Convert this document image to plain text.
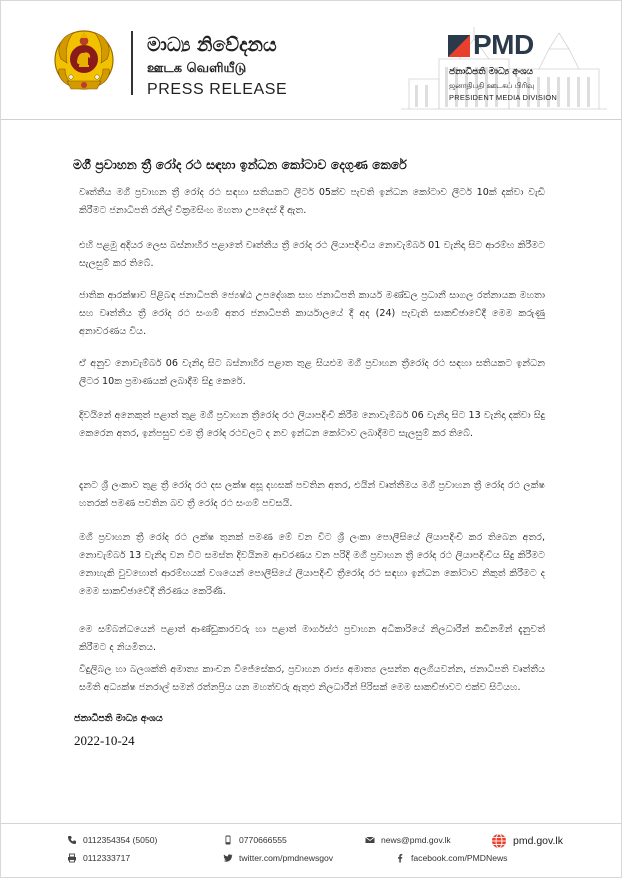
මාධ්‍ය නිවේදනය
ஊடக வெளியீடு
PRESS RELEASE
PMD
ජනාධිපති මාධ්‍ය අංශය
ஜனாதிபதி ஊடகப் பிரிவு
PRESIDENT MEDIA DIVISION
මගී ප්‍රවාහන ත්‍රී රෝද රථ සඳහා ඉන්ධන කෝටාව දෙගුණ කෙරේ

වෘත්තීය මගී ප්‍රවාහන ත්‍රී රෝද රථ සඳහා සතියකට ලීටර් 05ක්ව පැවති ඉන්ධන කෝටාව ලීටර් 10ක් දක්වා වැඩි කිරීමට ජනාධිපති රනිල් වික්‍රමසිංහ මහතා උපදෙස් දී ඇත.

එහි පළමු අදියර ලෙස බස්නාහිර පළාතේ වෘත්තීය ත්‍රී රෝද රථ ලියාපදිංචිය නොවැම්බර් 01 වැනිදා සිට ආරම්භ කිරීමට සැලසුම් කර තිබේ.

ජාතික ආරක්ෂාව පිළිබඳ ජනාධිපති ජ්‍යෙෂ්ඨ උපදේශක සහ ජනාධිපති කාර්ය මණ්ඩල ප්‍රධානී සාගල රත්නායක මහතා සහ වෘත්තීය ත්‍රී රෝද රථ සංගම් අතර ජනාධිපති කාර්යාලයේ දී අද (24) පැවැති සාකච්ඡාවේදී මෙම කරුණු අනාවරණය විය.

ඒ අනුව නොවැම්බර් 06 වැනිදා සිට බස්නාහිර පළාත තුළ සියළුම මගී ප්‍රවාහන ත්‍රීරෝද රථ සඳහා සතියකට ඉන්ධන ලීටර 10ක ප්‍රමාණයක් ලබාදීම සිදු කෙරේ.

දිවයිනේ අනෙකුත් පළාත් තුළ මගී ප්‍රවාහන ත්‍රීරෝද රථ ලියාපදිංචි කිරීම නොවැම්බර් 06 වැනිදා සිට 13 වැනිදා දක්වා සිදු කෙරෙන අතර, ඉන්පසුව එම ත්‍රී රෝද රථවලට ද නව ඉන්ධන කෝටාව ලබාදීමට සැලසුම් කර තිබේ.

දැනට ශ්‍රී ලංකාව තුළ ත්‍රී රෝද රථ දස ලක්ෂ අසූ දහසක් පවතින අතර, එයින් වෘත්තීමය මගී ප්‍රවාහන ත්‍රී රෝද රථ ලක්ෂ හතරක් පමණ පවතින බව ත්‍රී රෝද රථ සංගම් පවසයි.

මගී ප්‍රවාහන ත්‍රී රෝද රථ ලක්ෂ තුනක් පමණ මේ වන විට ශ්‍රී ලංකා පොලීසියේ ලියාපදිංචි කර තිබෙන අතර, නොවැම්බර් 13 වැනිදා වන විට සමස්ත දිවයිනම ආවරණය වන පරිදි මගී ප්‍රවාහන ත්‍රී රෝද රථ ලියාපදිංචිය සිදු කිරීමට නොහැකි වුවහොත් ආරම්භයක් වශයෙන් පොලීසියේ ලියාපදිංචි ත්‍රීරෝද රථ සඳහා ඉන්ධන කෝටාව නිකුත් කිරීමට ද මෙම සාකච්ඡාවේදී තීරණය කෙරිණි.

මෙ සම්බන්ධයෙන් පළාත් ආණ්ඩුකාරවරු හා පළාත් මාර්ගස්ථ ප්‍රවාහන අධිකාරියේ නිලධාරීන් කඩිනමින් දැනුවත් කිරීමට ද නියමිතය.

විදුලිබල හා බලශක්ති අමාත්‍ය කාංචන විජේසේකර, ප්‍රවාහන රාජ්‍ය අමාත්‍ය ලසන්ත අලගියවන්න, ජනාධිපති වෘත්තීය සමිති අධ්‍යක්ෂ ජනරාල් සමන් රත්නප්‍රිය යන මහත්වරු ඇතුළු නිලධාරීන් පිරිසක් මෙම සාකච්ඡාවට එක්ව සිටියහ.

ජනාධිපති මාධ්‍ය අංශය
2022-10-24
0112354354 (5050)
0112333717
0770666555
twitter.com/pmdnewsgov
news@pmd.gov.lk
facebook.com/PMDNews
pmd.gov.lk
